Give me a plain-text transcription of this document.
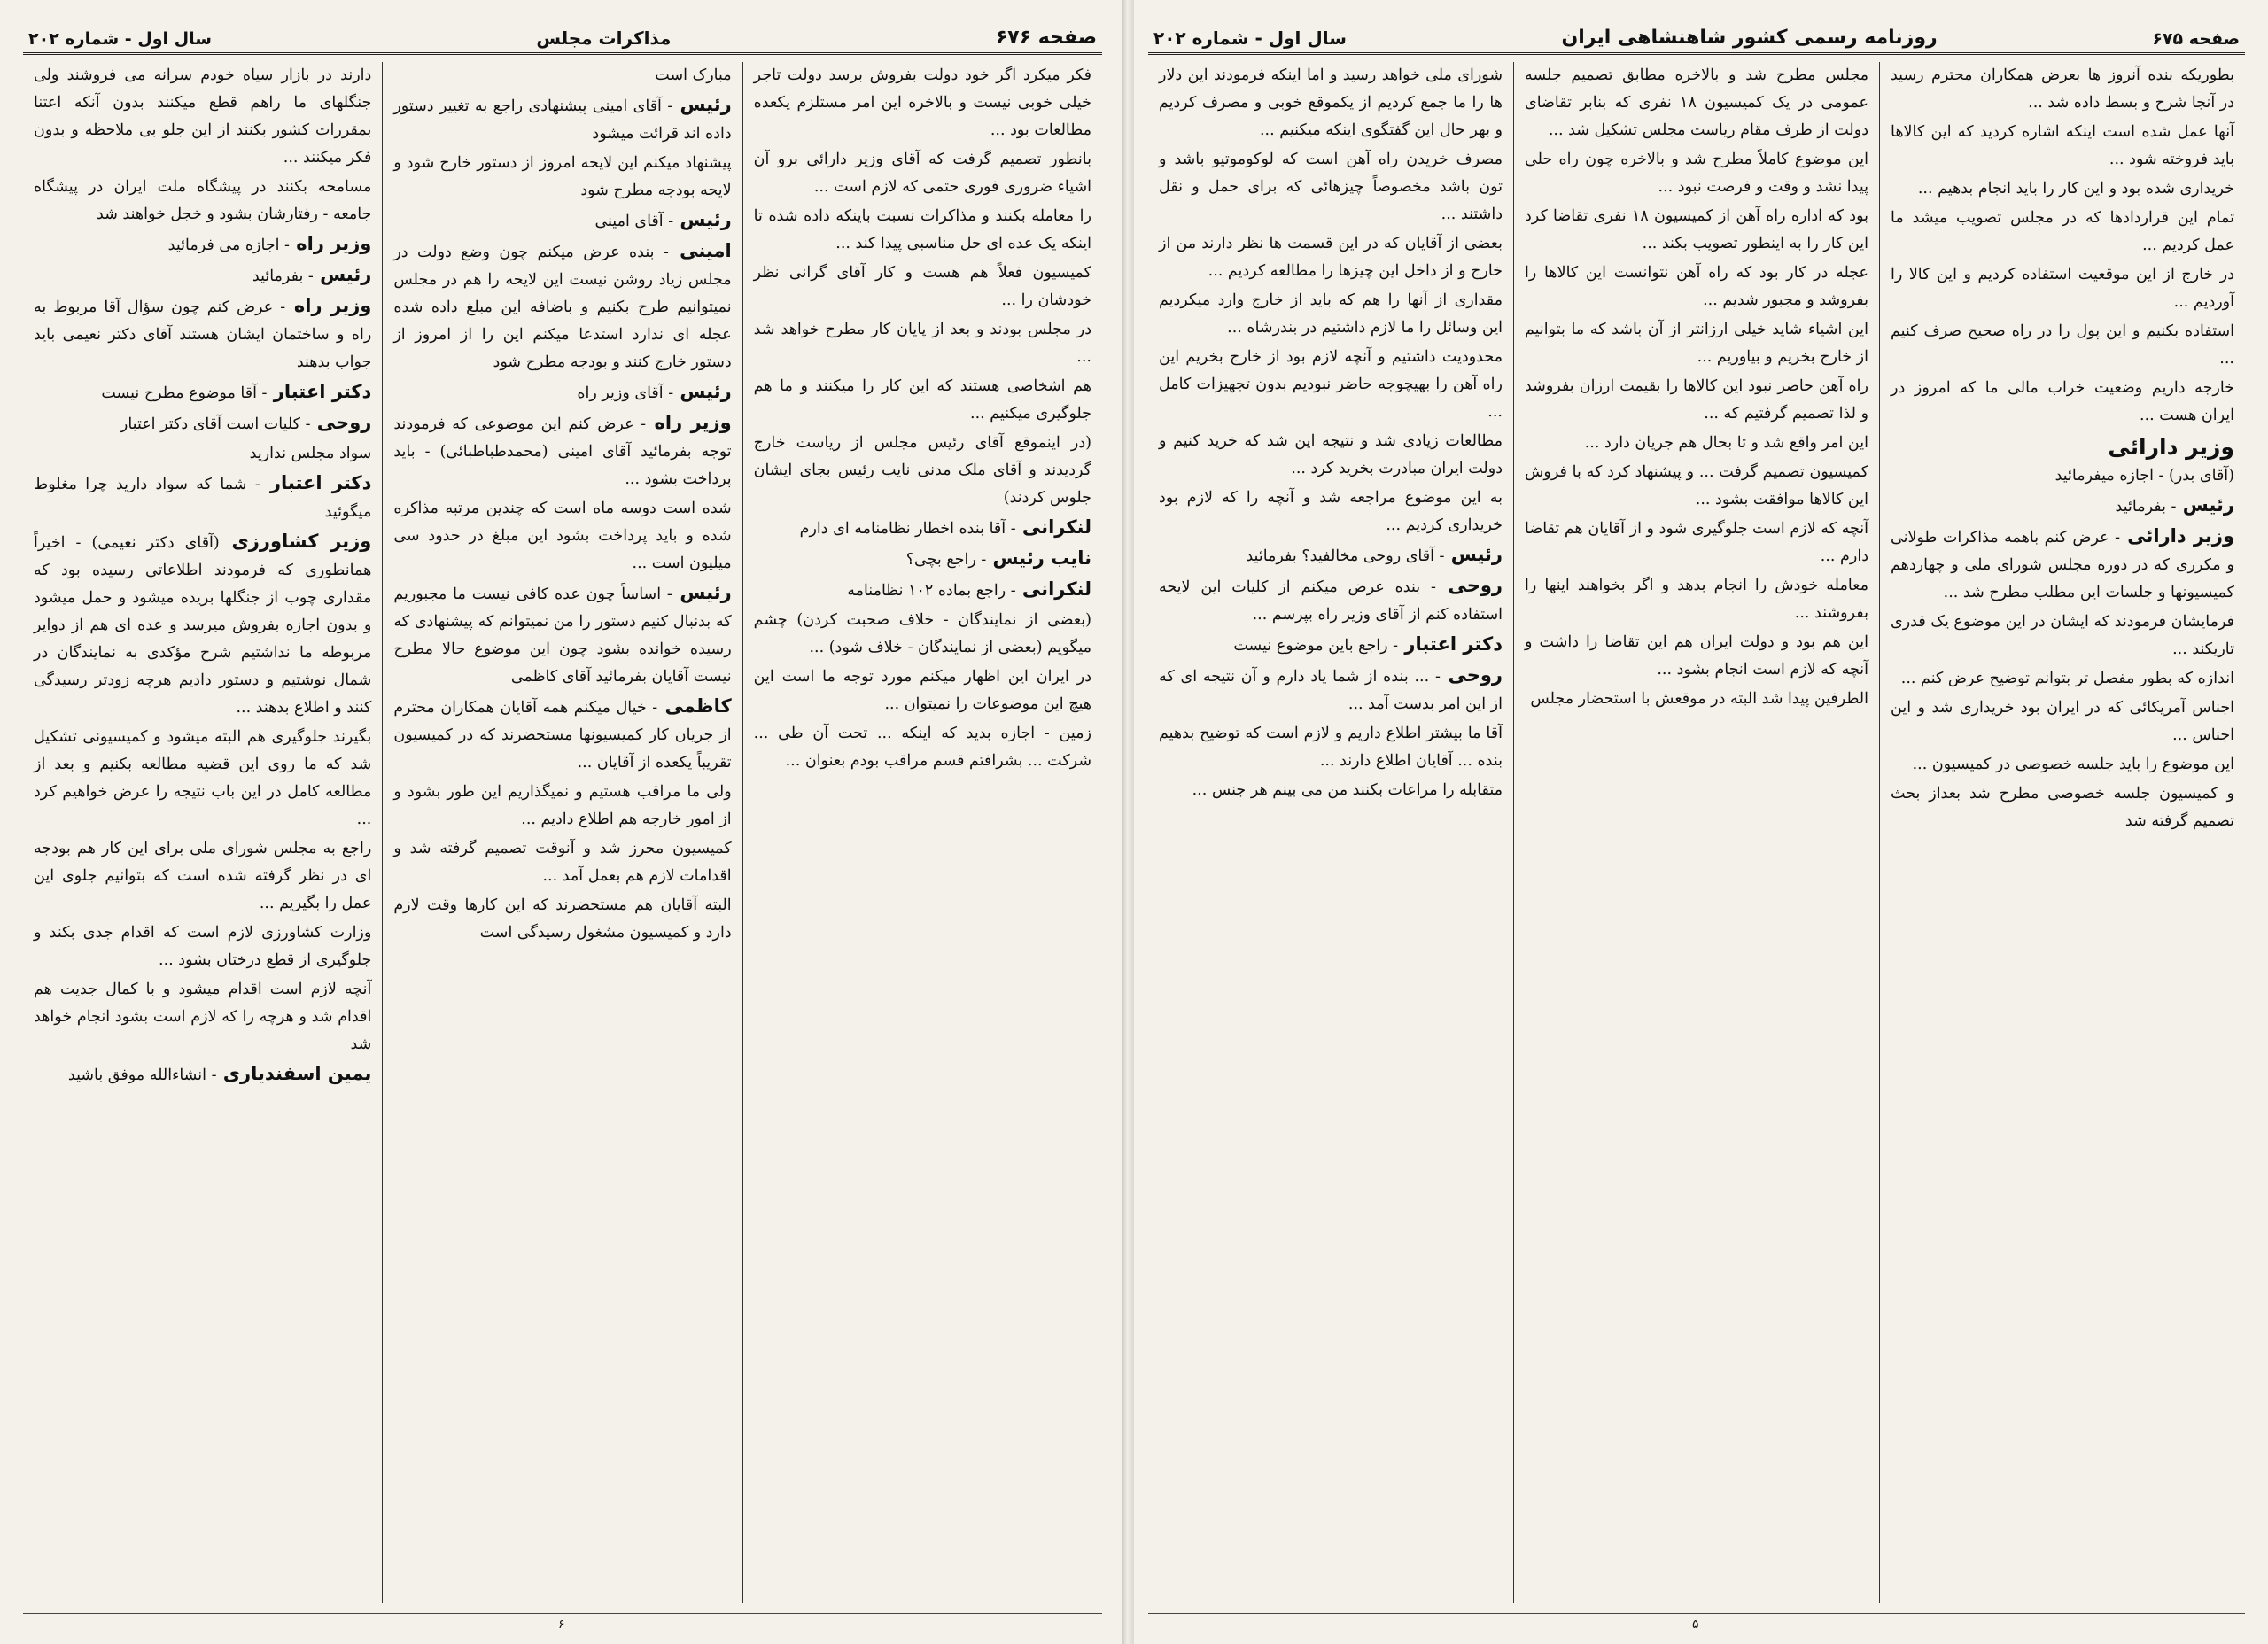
صفحه ۶۷۶
مذاکرات مجلس
سال اول - شماره ۲۰۲

فکر میکرد اگر خود دولت بفروش برسد دولت تاجر خیلی خوبی نیست و بالاخره این امر مستلزم یکعده مطالعات بود ...

بانطور تصمیم گرفت که آقای وزیر دارائی برو آن اشیاء ضروری فوری حتمی که لازم است ...

را معامله بکنند و مذاکرات نسبت باینکه داده شده تا اینکه یک عده ای حل مناسبی پیدا کند ...

کمیسیون فعلاً هم هست و کار آقای گرانی نظر خودشان را ...

در مجلس بودند و بعد از پایان کار مطرح خواهد شد ...

هم اشخاصی هستند که این کار را میکنند و ما هم جلوگیری میکنیم ...

(در اینموقع آقای رئیس مجلس از ریاست خارج گردیدند و آقای ملک مدنی نایب رئیس بجای ایشان جلوس کردند)

لنکرانی - آقا بنده اخطار نظامنامه ای دارم

نایب رئیس - راجع بچی؟

لنکرانی - راجع بماده ۱۰۲ نظامنامه

(بعضی از نمایندگان - خلاف صحبت کردن) چشم میگویم (بعضی از نمایندگان - خلاف شود) ...

در ایران این اظهار میکنم مورد توجه ما است این هیچ این موضوعات را نمیتوان ...

زمین - اجازه بدید که اینکه ... تحت آن طی ... شرکت ... بشرافتم قسم مراقب بودم بعنوان ...

مبارک است

رئیس - آقای امینی پیشنهادی راجع به تغییر دستور داده اند قرائت میشود

پیشنهاد میکنم این لایحه امروز از دستور خارج شود و لایحه بودجه مطرح شود

رئیس - آقای امینی

امینی - بنده عرض میکنم چون وضع دولت در مجلس زیاد روشن نیست این لایحه را هم در مجلس نمیتوانیم طرح بکنیم و باضافه این مبلغ داده شده عجله ای ندارد استدعا میکنم این را از امروز از دستور خارج کنند و بودجه مطرح شود

رئیس - آقای وزیر راه

وزیر راه - عرض کنم این موضوعی که فرمودند توجه بفرمائید آقای امینی (محمدطباطبائی) - باید پرداخت بشود ...

شده است دوسه ماه است که چندین مرتبه مذاکره شده و باید پرداخت بشود این مبلغ در حدود سی میلیون است ...

رئیس - اساساً چون عده کافی نیست ما مجبوریم که بدنبال کنیم دستور را من نمیتوانم که پیشنهادی که رسیده خوانده بشود چون این موضوع حالا مطرح نیست آقایان بفرمائید آقای کاظمی

کاظمی - خیال میکنم همه آقایان همکاران محترم از جریان کار کمیسیونها مستحضرند که در کمیسیون تقریباً یکعده از آقایان ...

ولی ما مراقب هستیم و نمیگذاریم این طور بشود و از امور خارجه هم اطلاع دادیم ...

کمیسیون محرز شد و آنوقت تصمیم گرفته شد و اقدامات لازم هم بعمل آمد ...

البته آقایان هم مستحضرند که این کارها وقت لازم دارد و کمیسیون مشغول رسیدگی است

دارند در بازار سیاه خودم سرانه می فروشند ولی جنگلهای ما راهم قطع میکنند بدون آنکه اعتنا بمقررات کشور بکنند از این جلو بی ملاحظه و بدون فکر میکنند ...

مسامحه بکنند در پیشگاه ملت ایران در پیشگاه جامعه - رفتارشان بشود و خجل خواهند شد

وزیر راه - اجازه می فرمائید

رئیس - بفرمائید

وزیر راه - عرض کنم چون سؤال آقا مربوط به راه و ساختمان ایشان هستند آقای دکتر نعیمی باید جواب بدهند

دکتر اعتبار - آقا موضوع مطرح نیست

روحی - کلیات است آقای دکتر اعتبار

سواد مجلس ندارید

دکتر اعتبار - شما که سواد دارید چرا مغلوط میگوئید

وزیر کشاورزی (آقای دکتر نعیمی) - اخیراً همانطوری که فرمودند اطلاعاتی رسیده بود که مقداری چوب از جنگلها بریده میشود و حمل میشود و بدون اجازه بفروش میرسد و عده ای هم از دوایر مربوطه ما نداشتیم شرح مؤکدی به نمایندگان در شمال نوشتیم و دستور دادیم هرچه زودتر رسیدگی کنند و اطلاع بدهند ...

بگیرند جلوگیری هم البته میشود و کمیسیونی تشکیل شد که ما روی این قضیه مطالعه بکنیم و بعد از مطالعه کامل در این باب نتیجه را عرض خواهیم کرد ...

راجع به مجلس شورای ملی برای این کار هم بودجه ای در نظر گرفته شده است که بتوانیم جلوی این عمل را بگیریم ...

وزارت کشاورزی لازم است که اقدام جدی بکند و جلوگیری از قطع درختان بشود ...

آنچه لازم است اقدام میشود و با کمال جدیت هم اقدام شد و هرچه را که لازم است بشود انجام خواهد شد

یمین اسفندیاری - انشاءالله موفق باشید

۶
صفحه ۶۷۵
روزنامه رسمی کشور شاهنشاهی ایران
سال اول - شماره ۲۰۲

بطوریکه بنده آنروز ها بعرض همکاران محترم رسید در آنجا شرح و بسط داده شد ...

آنها عمل شده است اینکه اشاره کردید که این کالاها باید فروخته شود ...

خریداری شده بود و این کار را باید انجام بدهیم ...

تمام این قراردادها که در مجلس تصویب میشد ما عمل کردیم ...

در خارج از این موقعیت استفاده کردیم و این کالا را آوردیم ...

استفاده بکنیم و این پول را در راه صحیح صرف کنیم ...

خارجه داریم وضعیت خراب مالی ما که امروز در ایران هست ...

وزیر دارائی
(آقای بدر) - اجازه میفرمائید

رئیس - بفرمائید

وزیر دارائی - عرض کنم باهمه مذاکرات طولانی و مکرری که در دوره مجلس شورای ملی و چهاردهم کمیسیونها و جلسات این مطلب مطرح شد ...

فرمایشان فرمودند که ایشان در این موضوع یک قدری تاریکند ...

اندازه که بطور مفصل تر بتوانم توضیح عرض کنم ...

اجناس آمریکائی که در ایران بود خریداری شد و این اجناس ...

این موضوع را باید جلسه خصوصی در کمیسیون ...

و کمیسیون جلسه خصوصی مطرح شد بعداز بحث تصمیم گرفته شد

مجلس مطرح شد و بالاخره مطابق تصمیم جلسه عمومی در یک کمیسیون ۱۸ نفری که بنابر تقاضای دولت از طرف مقام ریاست مجلس تشکیل شد ...

این موضوع کاملاً مطرح شد و بالاخره چون راه حلی پیدا نشد و وقت و فرصت نبود ...

بود که اداره راه آهن از کمیسیون ۱۸ نفری تقاضا کرد این کار را به اینطور تصویب بکند ...

عجله در کار بود که راه آهن نتوانست این کالاها را بفروشد و مجبور شدیم ...

این اشیاء شاید خیلی ارزانتر از آن باشد که ما بتوانیم از خارج بخریم و بیاوریم ...

راه آهن حاضر نبود این کالاها را بقیمت ارزان بفروشد و لذا تصمیم گرفتیم که ...

این امر واقع شد و تا بحال هم جریان دارد ...

کمیسیون تصمیم گرفت ... و پیشنهاد کرد که با فروش این کالاها موافقت بشود ...

آنچه که لازم است جلوگیری شود و از آقایان هم تقاضا دارم ...

معامله خودش را انجام بدهد و اگر بخواهند اینها را بفروشند ...

این هم بود و دولت ایران هم این تقاضا را داشت و آنچه که لازم است انجام بشود ...

الطرفین پیدا شد البته در موقعش با استحضار مجلس

شورای ملی خواهد رسید و اما اینکه فرمودند این دلار ها را ما جمع کردیم از یکموقع خوبی و مصرف کردیم و بهر حال این گفتگوی اینکه میکنیم ...

مصرف خریدن راه آهن است که لوکوموتیو باشد و تون باشد مخصوصاً چیزهائی که برای حمل و نقل داشتند ...

بعضی از آقایان که در این قسمت ها نظر دارند من از خارج و از داخل این چیزها را مطالعه کردیم ...

مقداری از آنها را هم که باید از خارج وارد میکردیم این وسائل را ما لازم داشتیم در بندرشاه ...

محدودیت داشتیم و آنچه لازم بود از خارج بخریم این راه آهن را بهیچوجه حاضر نبودیم بدون تجهیزات کامل ...

مطالعات زیادی شد و نتیجه این شد که خرید کنیم و دولت ایران مبادرت بخرید کرد ...

به این موضوع مراجعه شد و آنچه را که لازم بود خریداری کردیم ...

رئیس - آقای روحی مخالفید؟ بفرمائید

روحی - بنده عرض میکنم از کلیات این لایحه استفاده کنم از آقای وزیر راه بپرسم ...

دکتر اعتبار - راجع باین موضوع نیست

روحی - ... بنده از شما یاد دارم و آن نتیجه ای که از این امر بدست آمد ...

آقا ما بیشتر اطلاع داریم و لازم است که توضیح بدهیم بنده ... آقایان اطلاع دارند ...

متقابله را مراعات بکنند من می بینم هر جنس ...

۵
